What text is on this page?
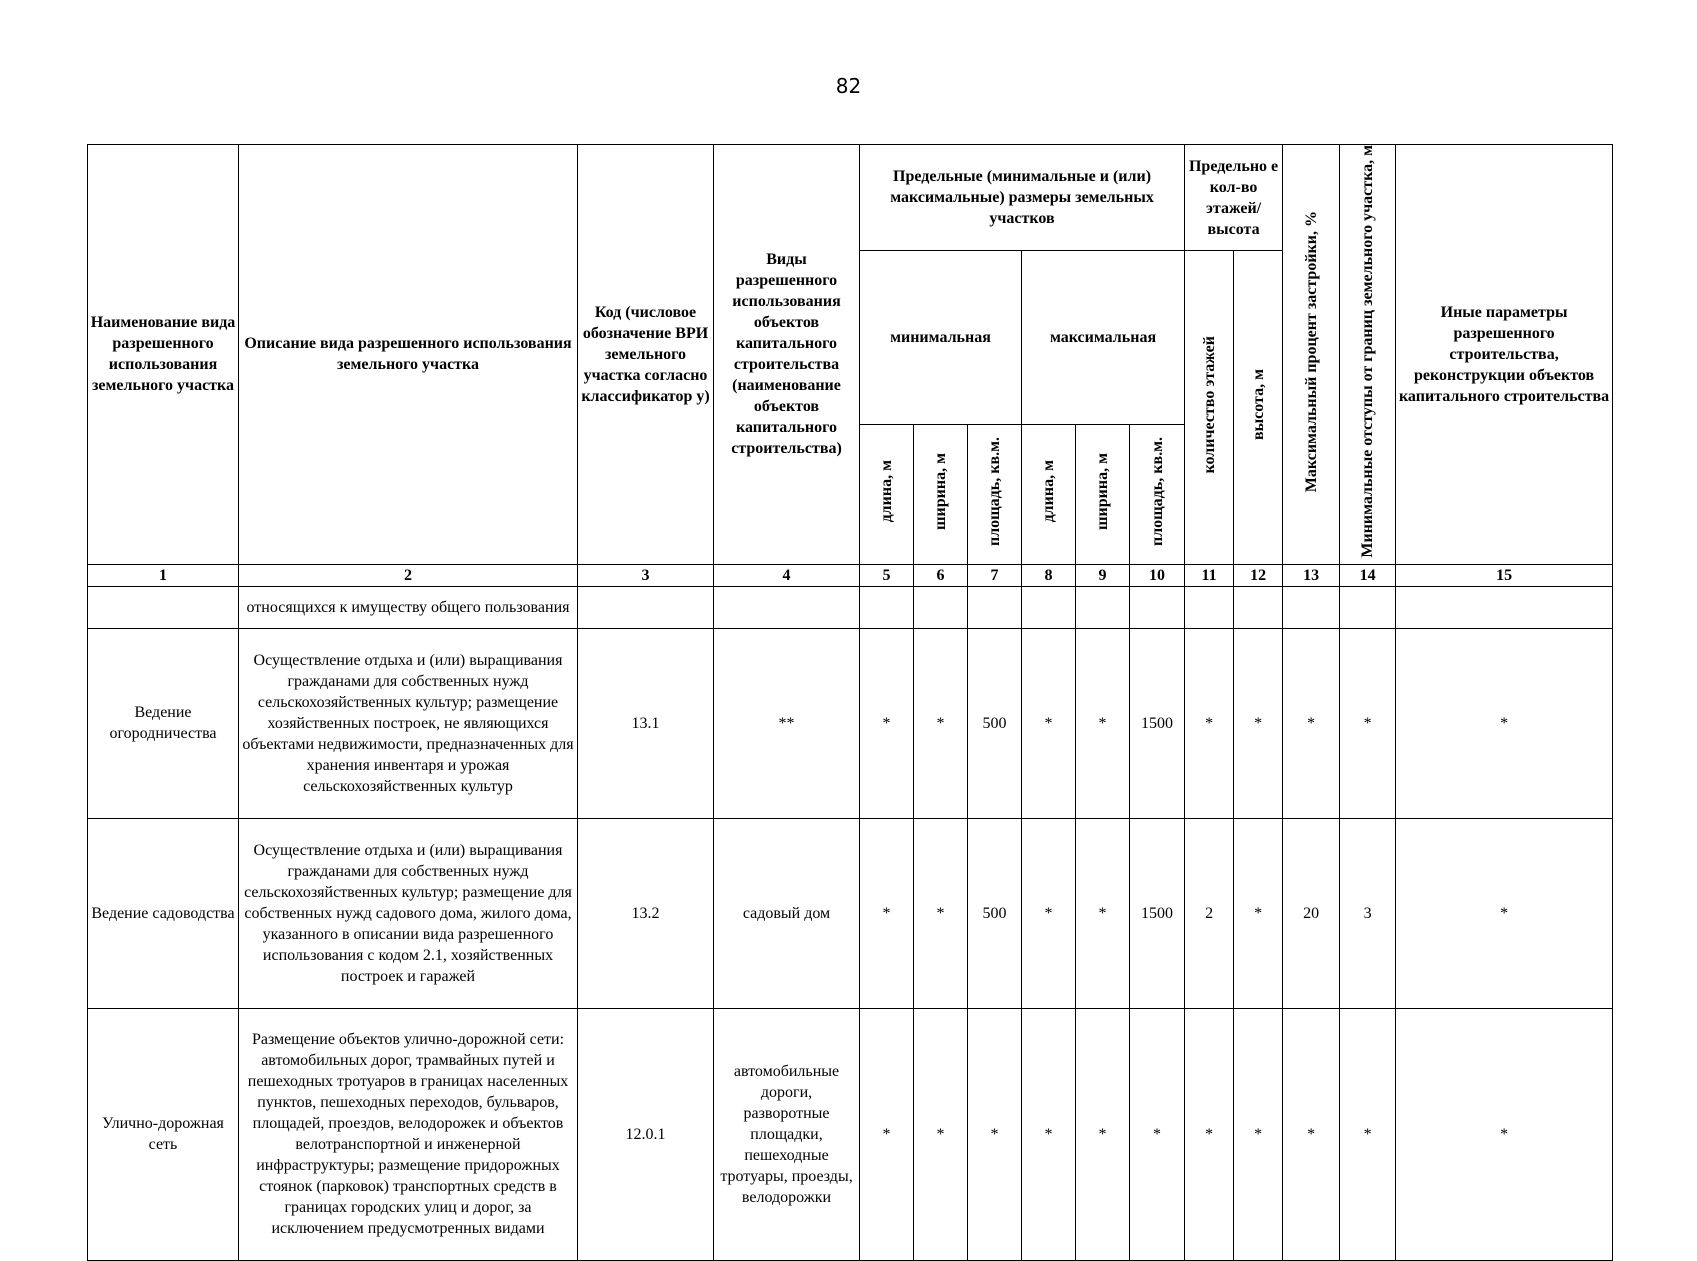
82
Наименование вида разрешенного использования земельного участка	Описание вида разрешенного использования земельного участка	Код (числовое обозначение ВРИ земельного участка согласно классификатор у)	Виды разрешенного использования объектов капитального строительства (наименование объектов капитального строительства)	Предельные (минимальные и (или) максимальные) размеры земельных участков						Предельно е кол-во этажей/ высота		Максимальный процент застройки, %	Минимальные отступы от границ земельного участка, м	Иные параметры разрешенного строительства, реконструкции объектов капитального строительства
				минимальная			максимальная			количество этажей	высота, м			
				длина, м	ширина, м	площадь, кв.м.	длина, м	ширина, м	площадь, кв.м.					
1	2	3	4	5	6	7	8	9	10	11	12	13	14	15
	относящихся к имуществу общего пользования													
Ведение огородничества	Осуществление отдыха и (или) выращивания гражданами для собственных нужд сельскохозяйственных культур; размещение хозяйственных построек, не являющихся объектами недвижимости, предназначенных для хранения инвентаря и урожая сельскохозяйственных культур	13.1	**	*	*	500	*	*	1500	*	*	*	*	*
Ведение садоводства	Осуществление отдыха и (или) выращивания гражданами для собственных нужд сельскохозяйственных культур; размещение для собственных нужд садового дома, жилого дома, указанного в описании вида разрешенного использования с кодом 2.1, хозяйственных построек и гаражей	13.2	садовый дом	*	*	500	*	*	1500	2	*	20	3	*
Улично-дорожная сеть	Размещение объектов улично-дорожной сети: автомобильных дорог, трамвайных путей и пешеходных тротуаров в границах населенных пунктов, пешеходных переходов, бульваров, площадей, проездов, велодорожек и объектов велотранспортной и инженерной инфраструктуры; размещение придорожных стоянок (парковок) транспортных средств в границах городских улиц и дорог, за исключением предусмотренных видами	12.0.1	автомобильные дороги, разворотные площадки, пешеходные тротуары, проезды, велодорожки	*	*	*	*	*	*	*	*	*	*	*
